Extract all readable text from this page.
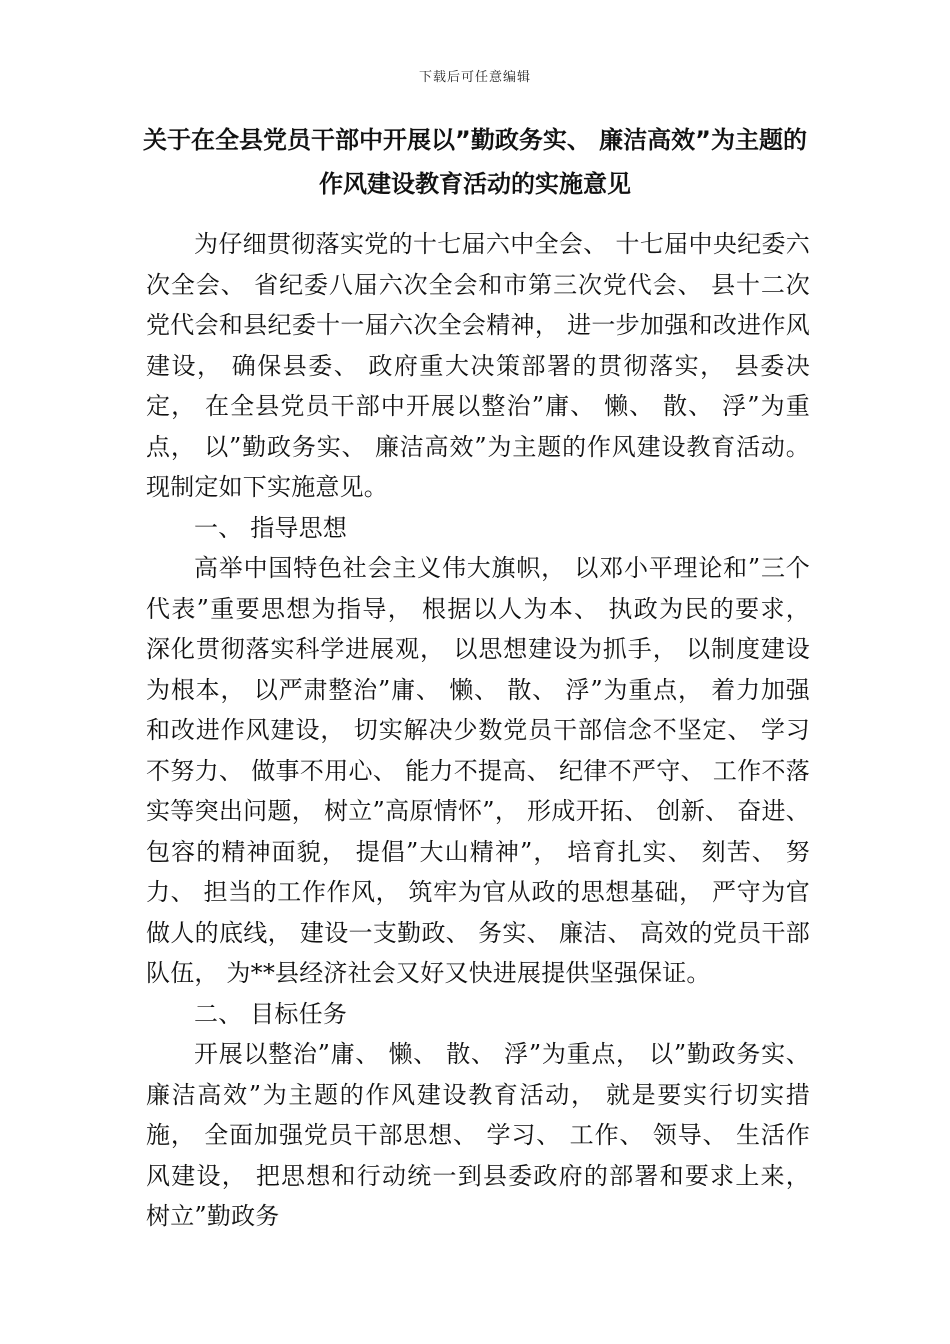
下载后可任意编辑
关于在全县党员干部中开展以”勤政务实、 廉洁高效”为主题的
作风建设教育活动的实施意见

为仔细贯彻落实党的十七届六中全会、 十七届中央纪委六次全会、 省纪委八届六次全会和市第三次党代会、 县十二次党代会和县纪委十一届六次全会精神， 进一步加强和改进作风建设， 确保县委、 政府重大决策部署的贯彻落实， 县委决定， 在全县党员干部中开展以整治”庸、 懒、 散、 浮”为重点， 以”勤政务实、 廉洁高效”为主题的作风建设教育活动。现制定如下实施意见。

一、 指导思想

高举中国特色社会主义伟大旗帜， 以邓小平理论和”三个代表”重要思想为指导， 根据以人为本、 执政为民的要求， 深化贯彻落实科学进展观， 以思想建设为抓手， 以制度建设为根本， 以严肃整治”庸、 懒、 散、 浮”为重点， 着力加强和改进作风建设， 切实解决少数党员干部信念不坚定、 学习不努力、 做事不用心、 能力不提高、 纪律不严守、 工作不落实等突出问题， 树立”高原情怀”， 形成开拓、 创新、 奋进、 包容的精神面貌， 提倡”大山精神”， 培育扎实、 刻苦、 努力、 担当的工作作风， 筑牢为官从政的思想基础， 严守为官做人的底线， 建设一支勤政、 务实、 廉洁、 高效的党员干部队伍， 为**县经济社会又好又快进展提供坚强保证。

二、 目标任务

开展以整治”庸、 懒、 散、 浮”为重点， 以”勤政务实、 廉洁高效”为主题的作风建设教育活动， 就是要实行切实措施， 全面加强党员干部思想、 学习、 工作、 领导、 生活作风建设， 把思想和行动统一到县委政府的部署和要求上来， 树立”勤政务
